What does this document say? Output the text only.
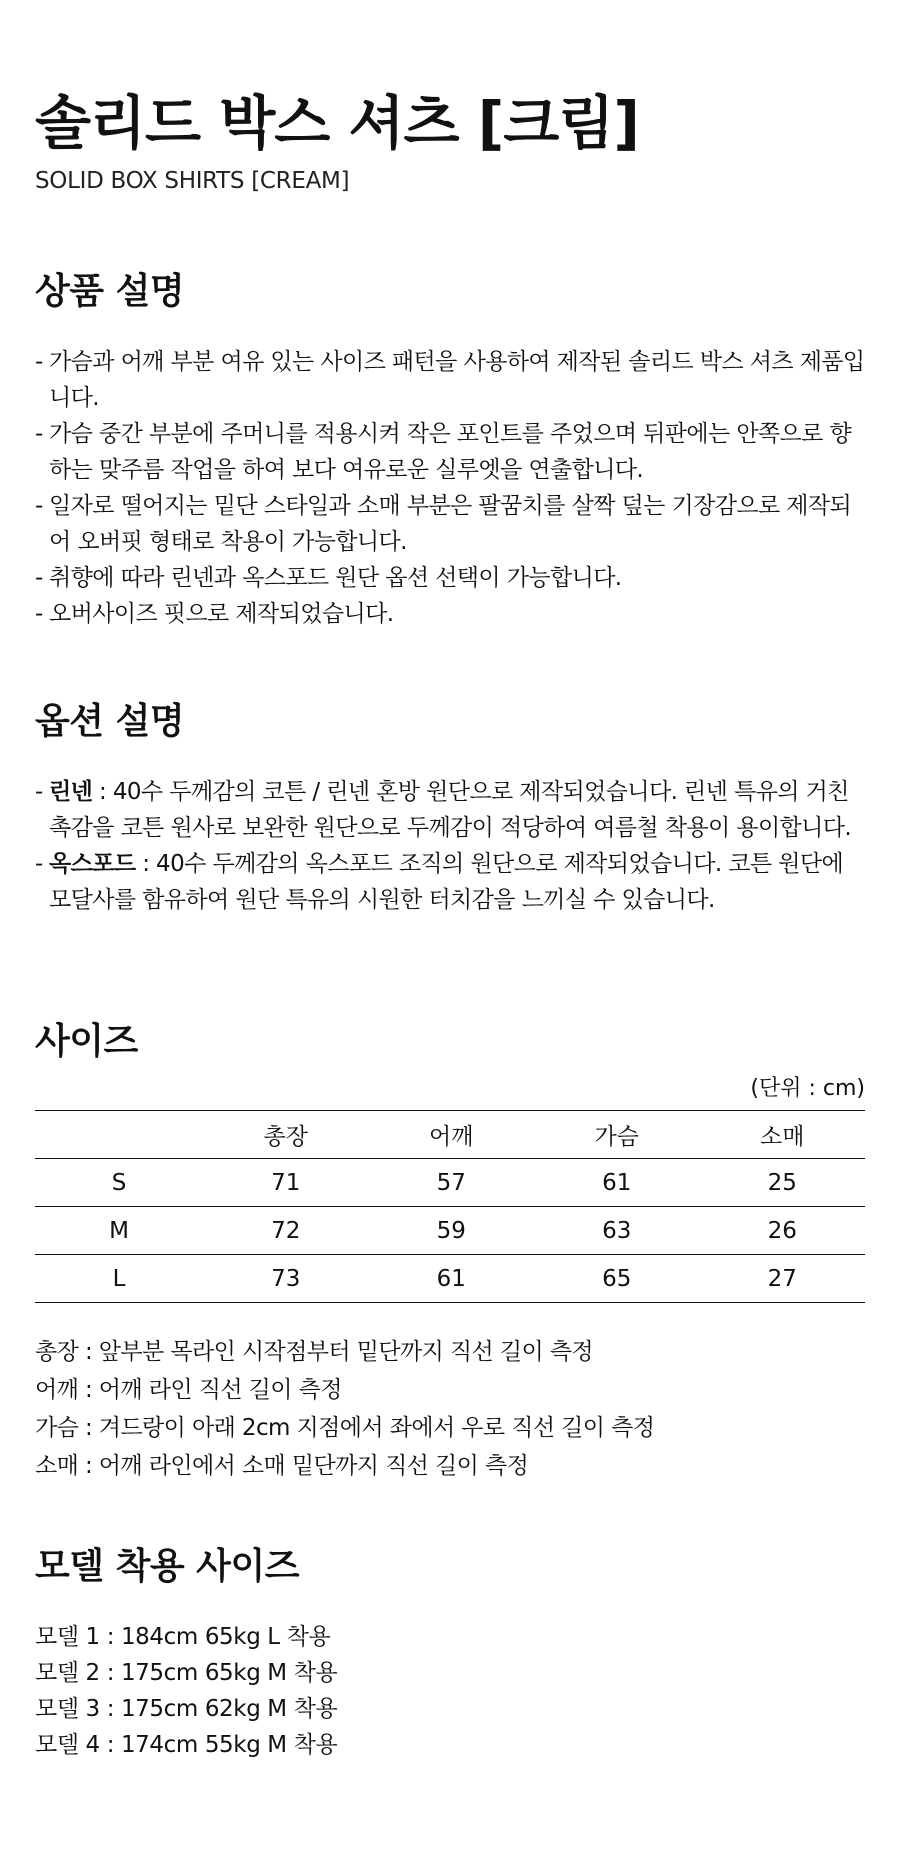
솔리드 박스 셔츠 [크림]
SOLID BOX SHIRTS [CREAM]
상품 설명
- 가슴과 어깨 부분 여유 있는 사이즈 패턴을 사용하여 제작된 솔리드 박스 셔츠 제품입니다.
- 가슴 중간 부분에 주머니를 적용시켜 작은 포인트를 주었으며 뒤판에는 안쪽으로 향하는 맞주름 작업을 하여 보다 여유로운 실루엣을 연출합니다.
- 일자로 떨어지는 밑단 스타일과 소매 부분은 팔꿈치를 살짝 덮는 기장감으로 제작되어 오버핏 형태로 착용이 가능합니다.
- 취향에 따라 린넨과 옥스포드 원단 옵션 선택이 가능합니다.
- 오버사이즈 핏으로 제작되었습니다.
옵션 설명
- 린넨 : 40수 두께감의 코튼 / 린넨 혼방 원단으로 제작되었습니다. 린넨 특유의 거친 촉감을 코튼 원사로 보완한 원단으로 두께감이 적당하여 여름철 착용이 용이합니다.
- 옥스포드 : 40수 두께감의 옥스포드 조직의 원단으로 제작되었습니다. 코튼 원단에 모달사를 함유하여 원단 특유의 시원한 터치감을 느끼실 수 있습니다.
사이즈
(단위 : cm)
	총장	어깨	가슴	소매
S	71	57	61	25
M	72	59	63	26
L	73	61	65	27
총장 : 앞부분 목라인 시작점부터 밑단까지 직선 길이 측정
어깨 : 어깨 라인 직선 길이 측정
가슴 : 겨드랑이 아래 2cm 지점에서 좌에서 우로 직선 길이 측정
소매 : 어깨 라인에서 소매 밑단까지 직선 길이 측정
모델 착용 사이즈
모델 1 : 184cm 65kg L 착용
모델 2 : 175cm 65kg M 착용
모델 3 : 175cm 62kg M 착용
모델 4 : 174cm 55kg M 착용
